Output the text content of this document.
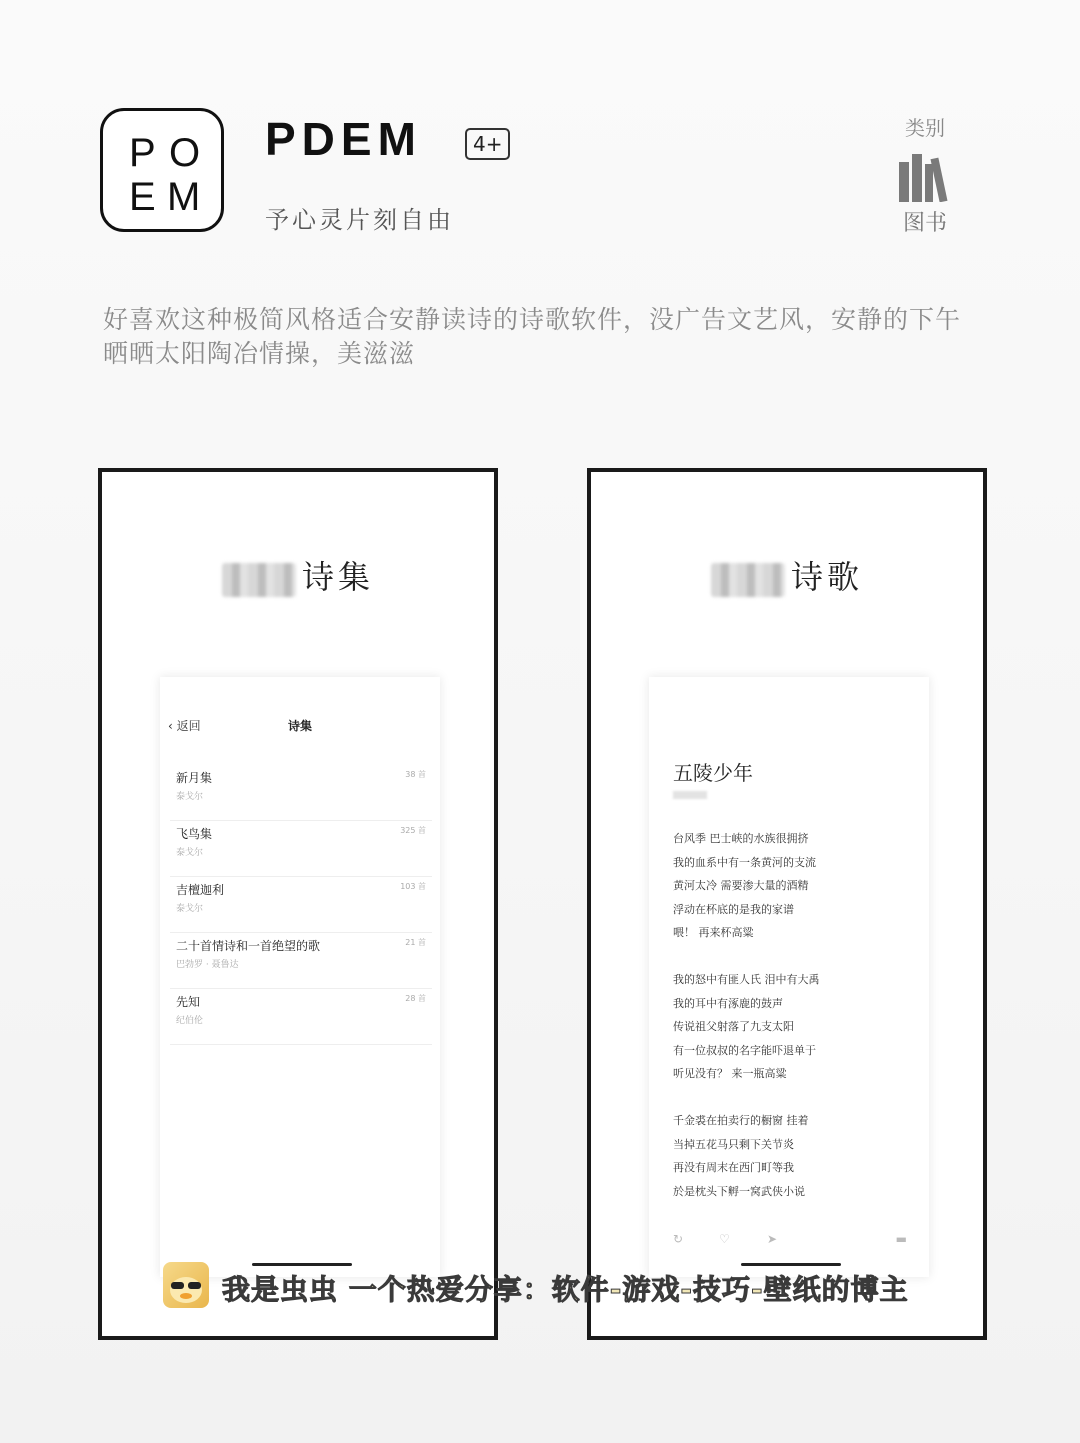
P O
E M
PDEM	4+
予心灵片刻自由
类别
图书
好喜欢这种极简风格适合安静读诗的诗歌软件，没广告文艺风，安静的下午晒晒太阳陶冶情操，美滋滋
诗集
‹ 返回	诗集
新月集
泰戈尔
38 首
飞鸟集
泰戈尔
325 首
吉檀迦利
泰戈尔
103 首
二十首情诗和一首绝望的歌
巴勃罗 · 聂鲁达
21 首
先知
纪伯伦
28 首
诗歌
五陵少年
台风季 巴士峡的水族很拥挤
我的血系中有一条黄河的支流
黄河太冷 需要渗大量的酒精
浮动在杯底的是我的家谱
喂！ 再来杯高粱
我的怒中有匪人氏 泪中有大禹
我的耳中有涿鹿的鼓声
传说祖父射落了九支太阳
有一位叔叔的名字能吓退单于
听见没有？ 来一瓶高粱
千金裘在拍卖行的橱窗 挂着
当掉五花马只剩下关节炎
再没有周末在西门町等我
於是枕头下孵一窝武侠小说
↻	♡	➤	▬
我是虫虫 一个热爱分享：软件-游戏-技巧-壁纸的博主
